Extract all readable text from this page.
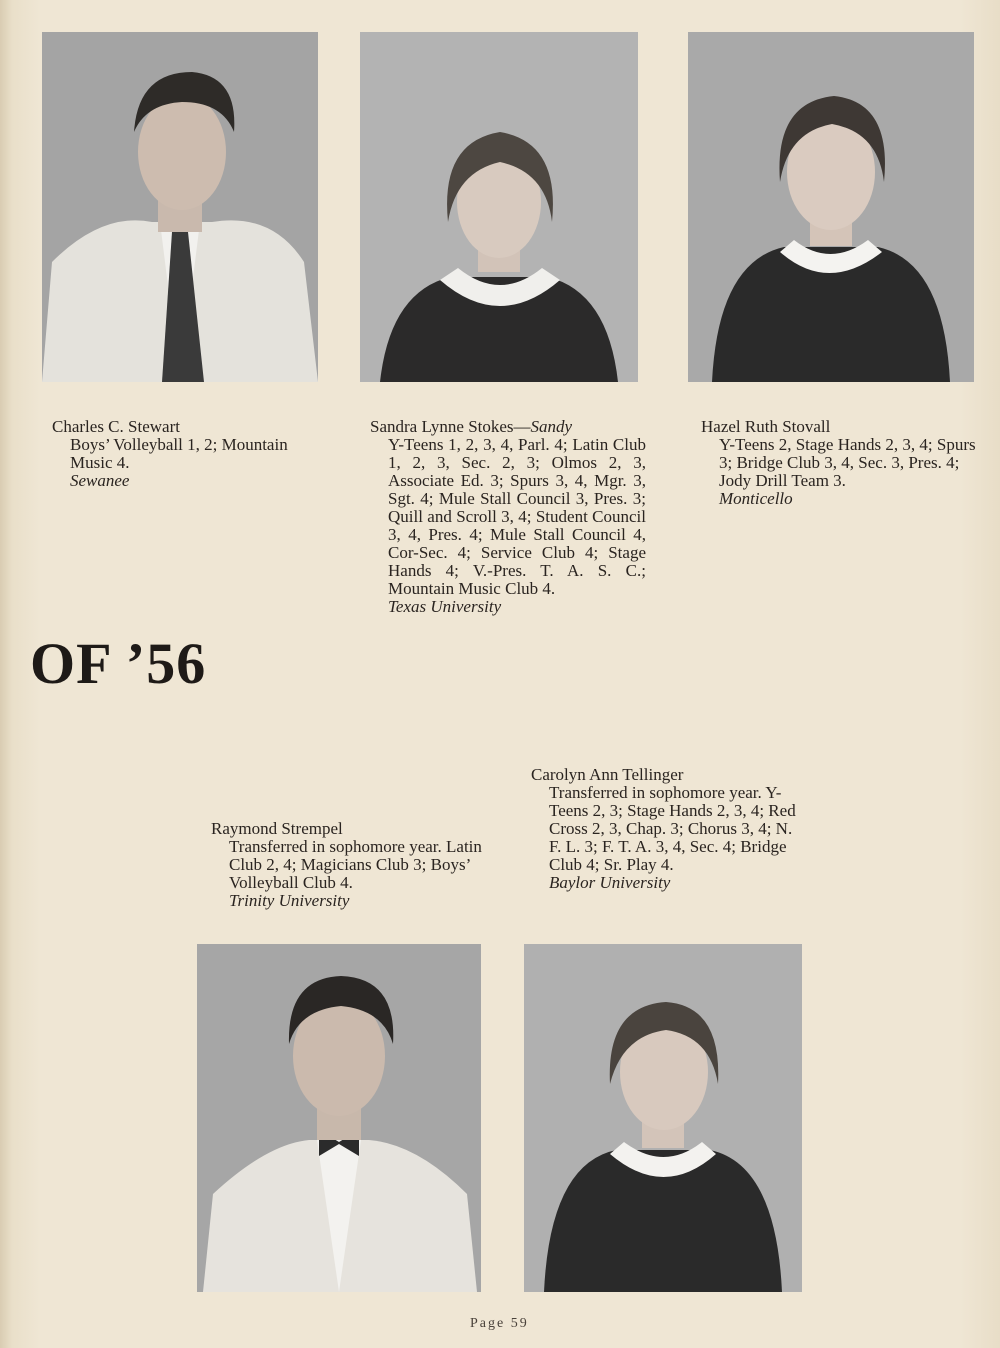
Charles C. Stewart
Boys’ Volleyball 1, 2; Mountain Music 4.
Sewanee
Sandra Lynne Stokes—Sandy
Y-Teens 1, 2, 3, 4, Parl. 4; Latin Club 1, 2, 3, Sec. 2, 3; Olmos 2, 3, Associate Ed. 3; Spurs 3, 4, Mgr. 3, Sgt. 4; Mule Stall Council 3, Pres. 3; Quill and Scroll 3, 4; Student Council 3, 4, Pres. 4; Mule Stall Council 4, Cor-Sec. 4; Service Club 4; Stage Hands 4; V.-Pres. T. A. S. C.; Mountain Music Club 4.
Texas University
Hazel Ruth Stovall
Y-Teens 2, Stage Hands 2, 3, 4; Spurs 3; Bridge Club 3, 4, Sec. 3, Pres. 4; Jody Drill Team 3.
Monticello
OF ’56
Raymond Strempel
Transferred in sophomore year. Latin Club 2, 4; Magicians Club 3; Boys’ Volleyball Club 4.
Trinity University
Carolyn Ann Tellinger
Transferred in sophomore year. Y-Teens 2, 3; Stage Hands 2, 3, 4; Red Cross 2, 3, Chap. 3; Chorus 3, 4; N. F. L. 3; F. T. A. 3, 4, Sec. 4; Bridge Club 4; Sr. Play 4.
Baylor University
Page 59
